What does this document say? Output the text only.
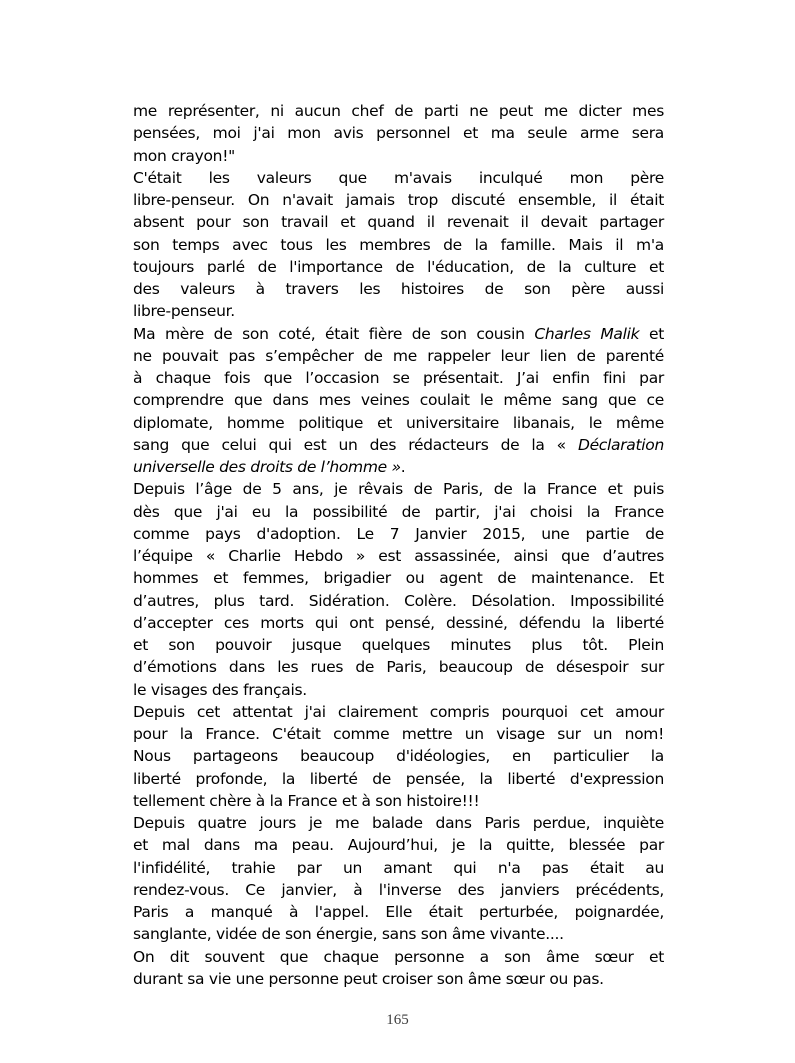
me représenter, ni aucun chef de parti ne peut me dicter mes
pensées, moi j'ai mon avis personnel et ma seule arme sera
mon crayon!"
C'était les valeurs que m'avais inculqué mon père
libre-penseur. On n'avait jamais trop discuté ensemble, il était
absent pour son travail et quand il revenait il devait partager
son temps avec tous les membres de la famille. Mais il m'a
toujours parlé de l'importance de l'éducation, de la culture et
des valeurs à travers les histoires de son père aussi
libre-penseur.
Ma mère de son coté, était fière de son cousin Charles Malik et
ne pouvait pas s’empêcher de me rappeler leur lien de parenté
à chaque fois que l’occasion se présentait. J’ai enfin fini par
comprendre que dans mes veines coulait le même sang que ce
diplomate, homme politique et universitaire libanais, le même
sang que celui qui est un des rédacteurs de la « Déclaration
universelle des droits de l’homme ».
Depuis l’âge de 5 ans, je rêvais de Paris, de la France et puis
dès que j'ai eu la possibilité de partir, j'ai choisi la France
comme pays d'adoption. Le 7 Janvier 2015, une partie de
l’équipe « Charlie Hebdo » est assassinée, ainsi que d’autres
hommes et femmes, brigadier ou agent de maintenance. Et
d’autres, plus tard. Sidération. Colère. Désolation. Impossibilité
d’accepter ces morts qui ont pensé, dessiné, défendu la liberté
et son pouvoir jusque quelques minutes plus tôt. Plein
d’émotions dans les rues de Paris, beaucoup de désespoir sur
le visages des français.
Depuis cet attentat j'ai clairement compris pourquoi cet amour
pour la France. C'était comme mettre un visage sur un nom!
Nous partageons beaucoup d'idéologies, en particulier la
liberté profonde, la liberté de pensée, la liberté d'expression
tellement chère à la France et à son histoire!!!
Depuis quatre jours je me balade dans Paris perdue, inquiète
et mal dans ma peau. Aujourd’hui, je la quitte, blessée par
l'infidélité, trahie par un amant qui n'a pas était au
rendez-vous. Ce janvier, à l'inverse des janviers précédents,
Paris a manqué à l'appel. Elle était perturbée, poignardée,
sanglante, vidée de son énergie, sans son âme vivante....
On dit souvent que chaque personne a son âme sœur et
durant sa vie une personne peut croiser son âme sœur ou pas.
165
